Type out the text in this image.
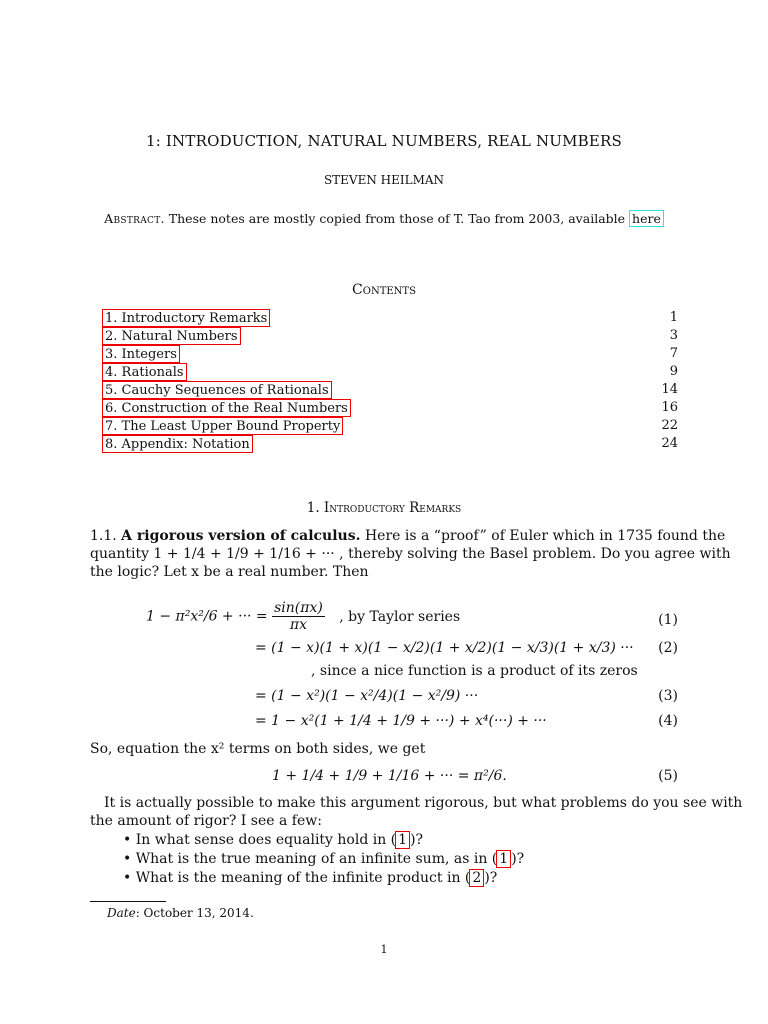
1: INTRODUCTION, NATURAL NUMBERS, REAL NUMBERS
STEVEN HEILMAN
Abstract. These notes are mostly copied from those of T. Tao from 2003, available here
Contents
1. Introductory Remarks	1
2. Natural Numbers	3
3. Integers	7
4. Rationals	9
5. Cauchy Sequences of Rationals	14
6. Construction of the Real Numbers	16
7. The Least Upper Bound Property	22
8. Appendix: Notation	24
1. Introductory Remarks
1.1. A rigorous version of calculus. Here is a “proof” of Euler which in 1735 found the
quantity 1 + 1/4 + 1/9 + 1/16 + ··· , thereby solving the Basel problem. Do you agree with
the logic? Let x be a real number. Then
1 − π²x²/6 + ··· = $\frac{\sin(\pi x)}{\pi x}$ , by Taylor series	(1)
= (1 − x)(1 + x)(1 − x/2)(1 + x/2)(1 − x/3)(1 + x/3) ··· (2)
, since a nice function is a product of its zeros
= (1 − x²)(1 − x²/4)(1 − x²/9) ···	(3)
= 1 − x²(1 + 1/4 + 1/9 + ···) + x⁴(···) + ···	(4)
So, equation the x² terms on both sides, we get
1 + 1/4 + 1/9 + 1/16 + ··· = π²/6.	(5)
It is actually possible to make this argument rigorous, but what problems do you see with
the amount of rigor? I see a few:
• In what sense does equality hold in ( 1 )?
• What is the true meaning of an infinite sum, as in ( 1 )?
• What is the meaning of the infinite product in ( 2 )?
Date: October 13, 2014.
1
